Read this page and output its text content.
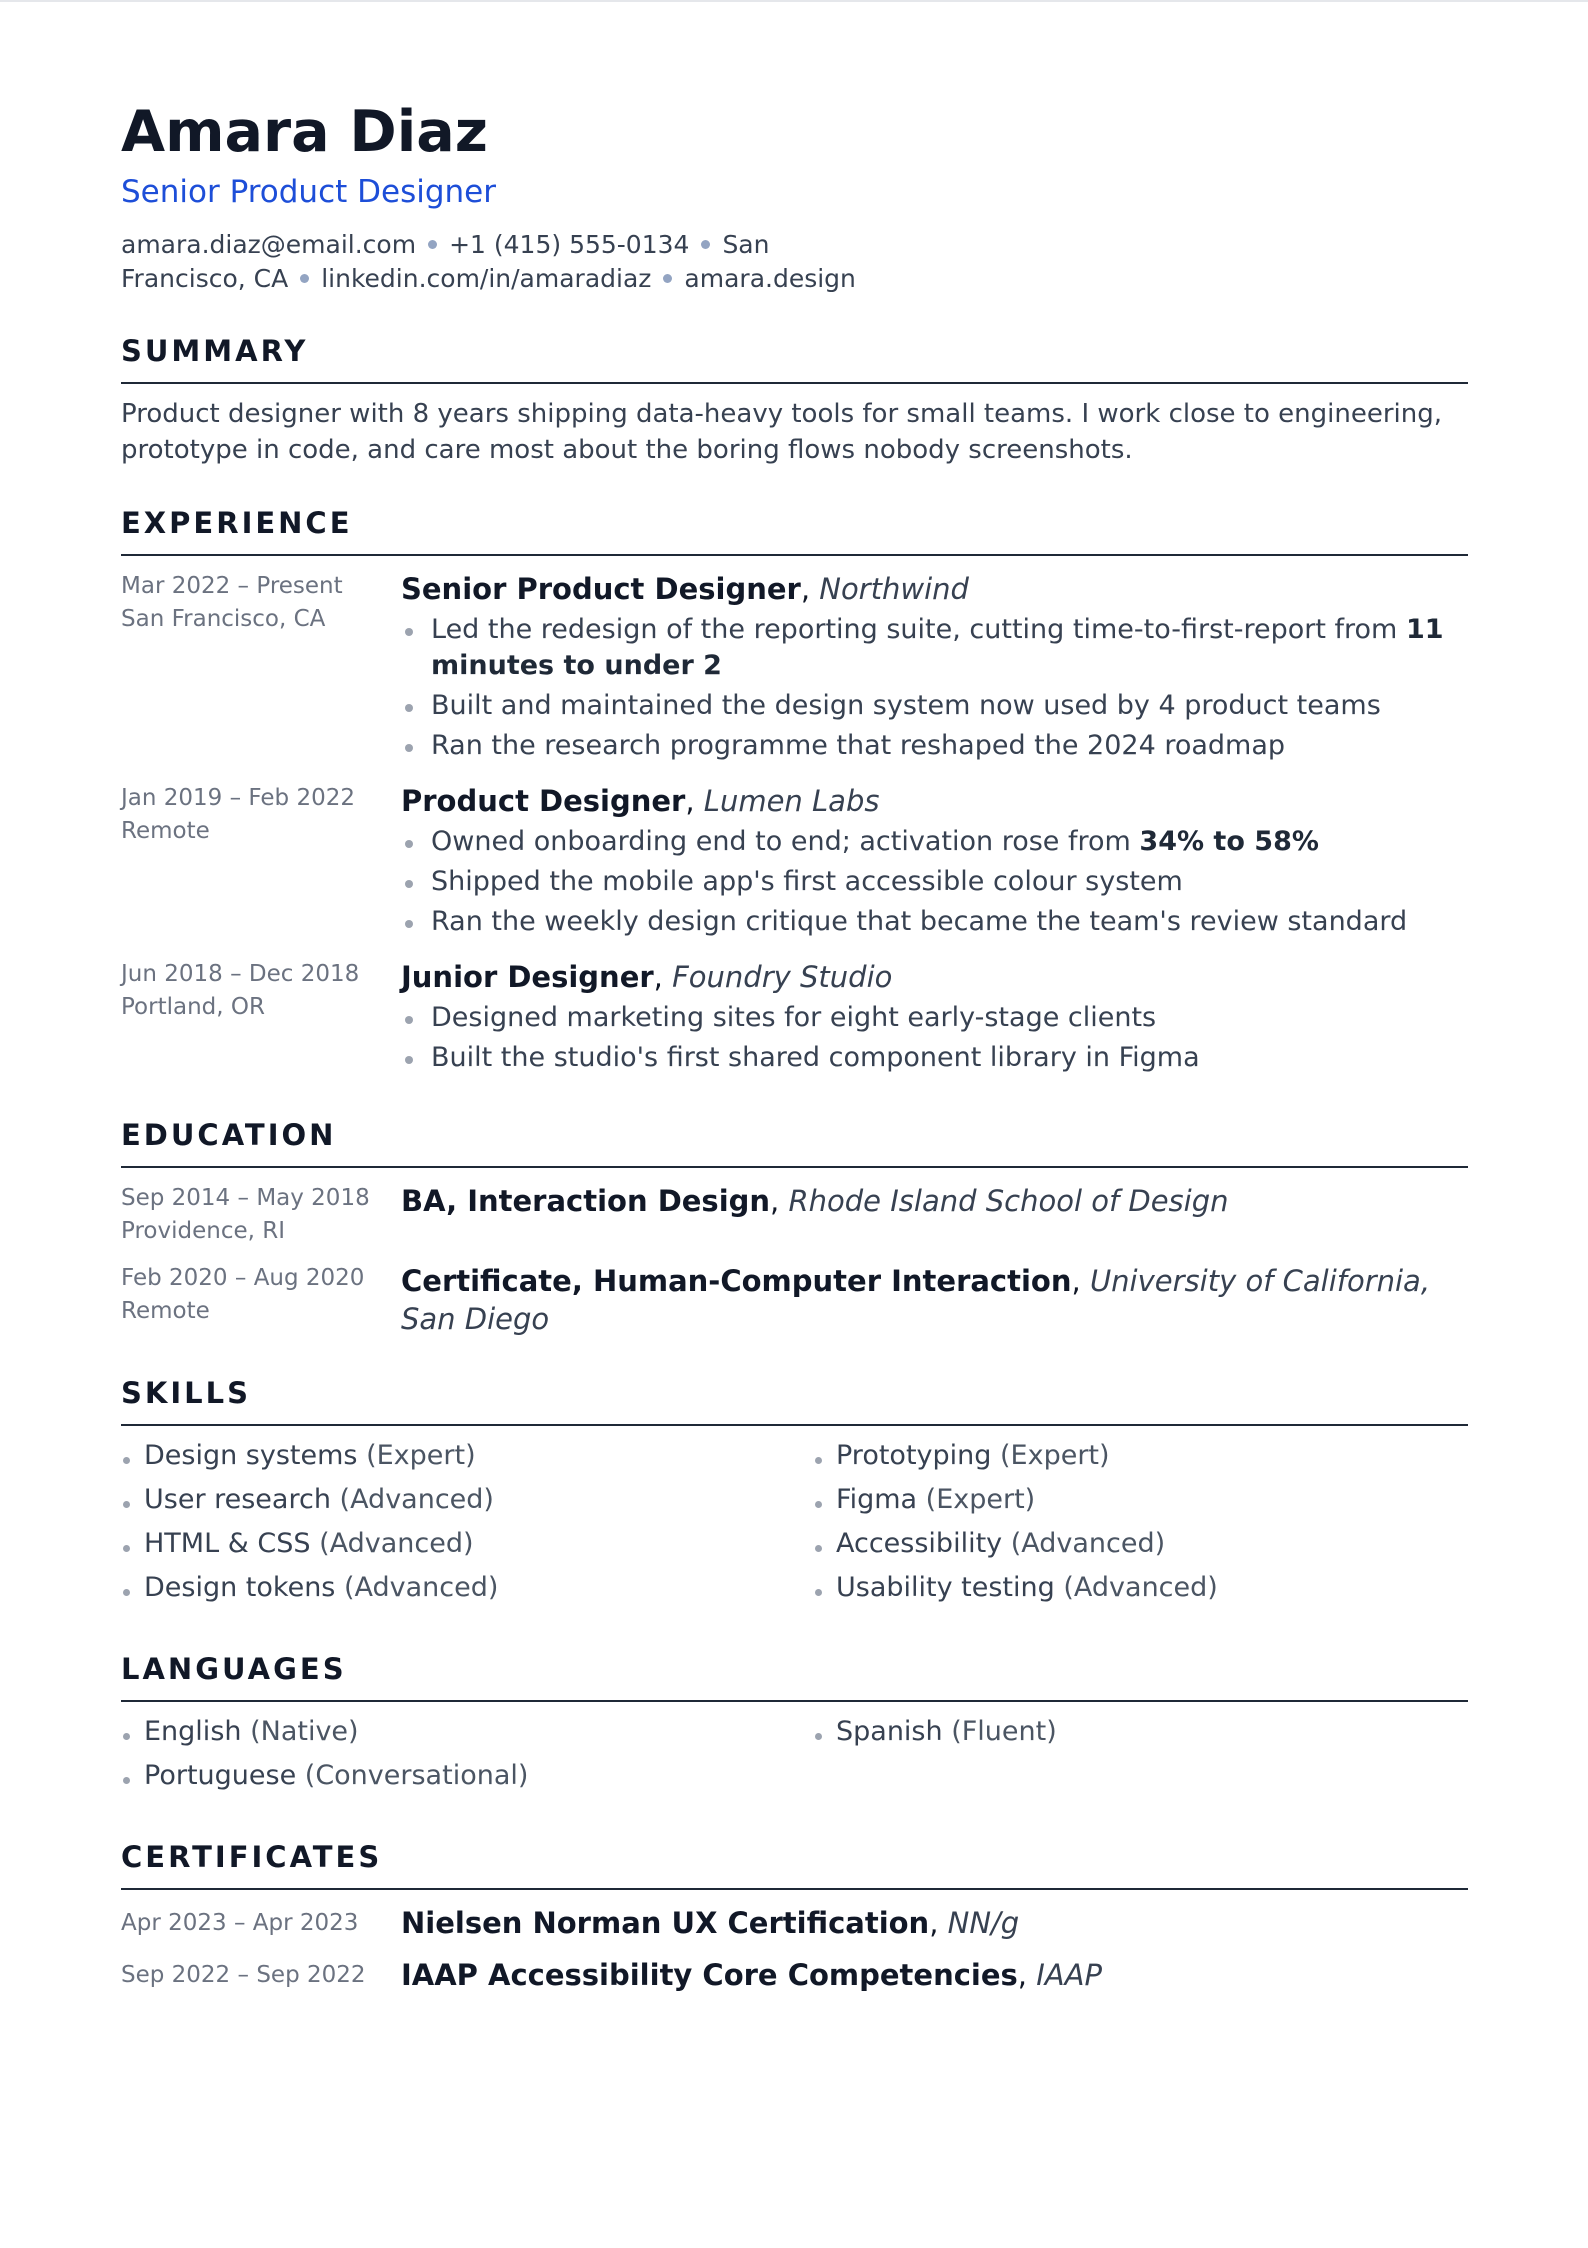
Amara Diaz
Senior Product Designer
amara.diaz@email.com +1 (415) 555-0134 San Francisco, CA linkedin.com/in/amaradiaz amara.design
SUMMARY
Product designer with 8 years shipping data-heavy tools for small teams. I work close to engineering, prototype in code, and care most about the boring flows nobody screenshots.
EXPERIENCE
Mar 2022 – Present
San Francisco, CA
Senior Product Designer, Northwind
Led the redesign of the reporting suite, cutting time-to-first-report from 11 minutes to under 2
Built and maintained the design system now used by 4 product teams
Ran the research programme that reshaped the 2024 roadmap
Jan 2019 – Feb 2022
Remote
Product Designer, Lumen Labs
Owned onboarding end to end; activation rose from 34% to 58%
Shipped the mobile app's first accessible colour system
Ran the weekly design critique that became the team's review standard
Jun 2018 – Dec 2018
Portland, OR
Junior Designer, Foundry Studio
Designed marketing sites for eight early-stage clients
Built the studio's first shared component library in Figma
EDUCATION
Sep 2014 – May 2018
Providence, RI
BA, Interaction Design, Rhode Island School of Design
Feb 2020 – Aug 2020
Remote
Certificate, Human-Computer Interaction, University of California, San Diego
SKILLS
Design systems (Expert)	Prototyping (Expert)
User research (Advanced)	Figma (Expert)
HTML & CSS (Advanced)	Accessibility (Advanced)
Design tokens (Advanced)	Usability testing (Advanced)
LANGUAGES
English (Native)	Spanish (Fluent)
Portuguese (Conversational)
CERTIFICATES
Apr 2023 – Apr 2023	Nielsen Norman UX Certification, NN/g
Sep 2022 – Sep 2022	IAAP Accessibility Core Competencies, IAAP
